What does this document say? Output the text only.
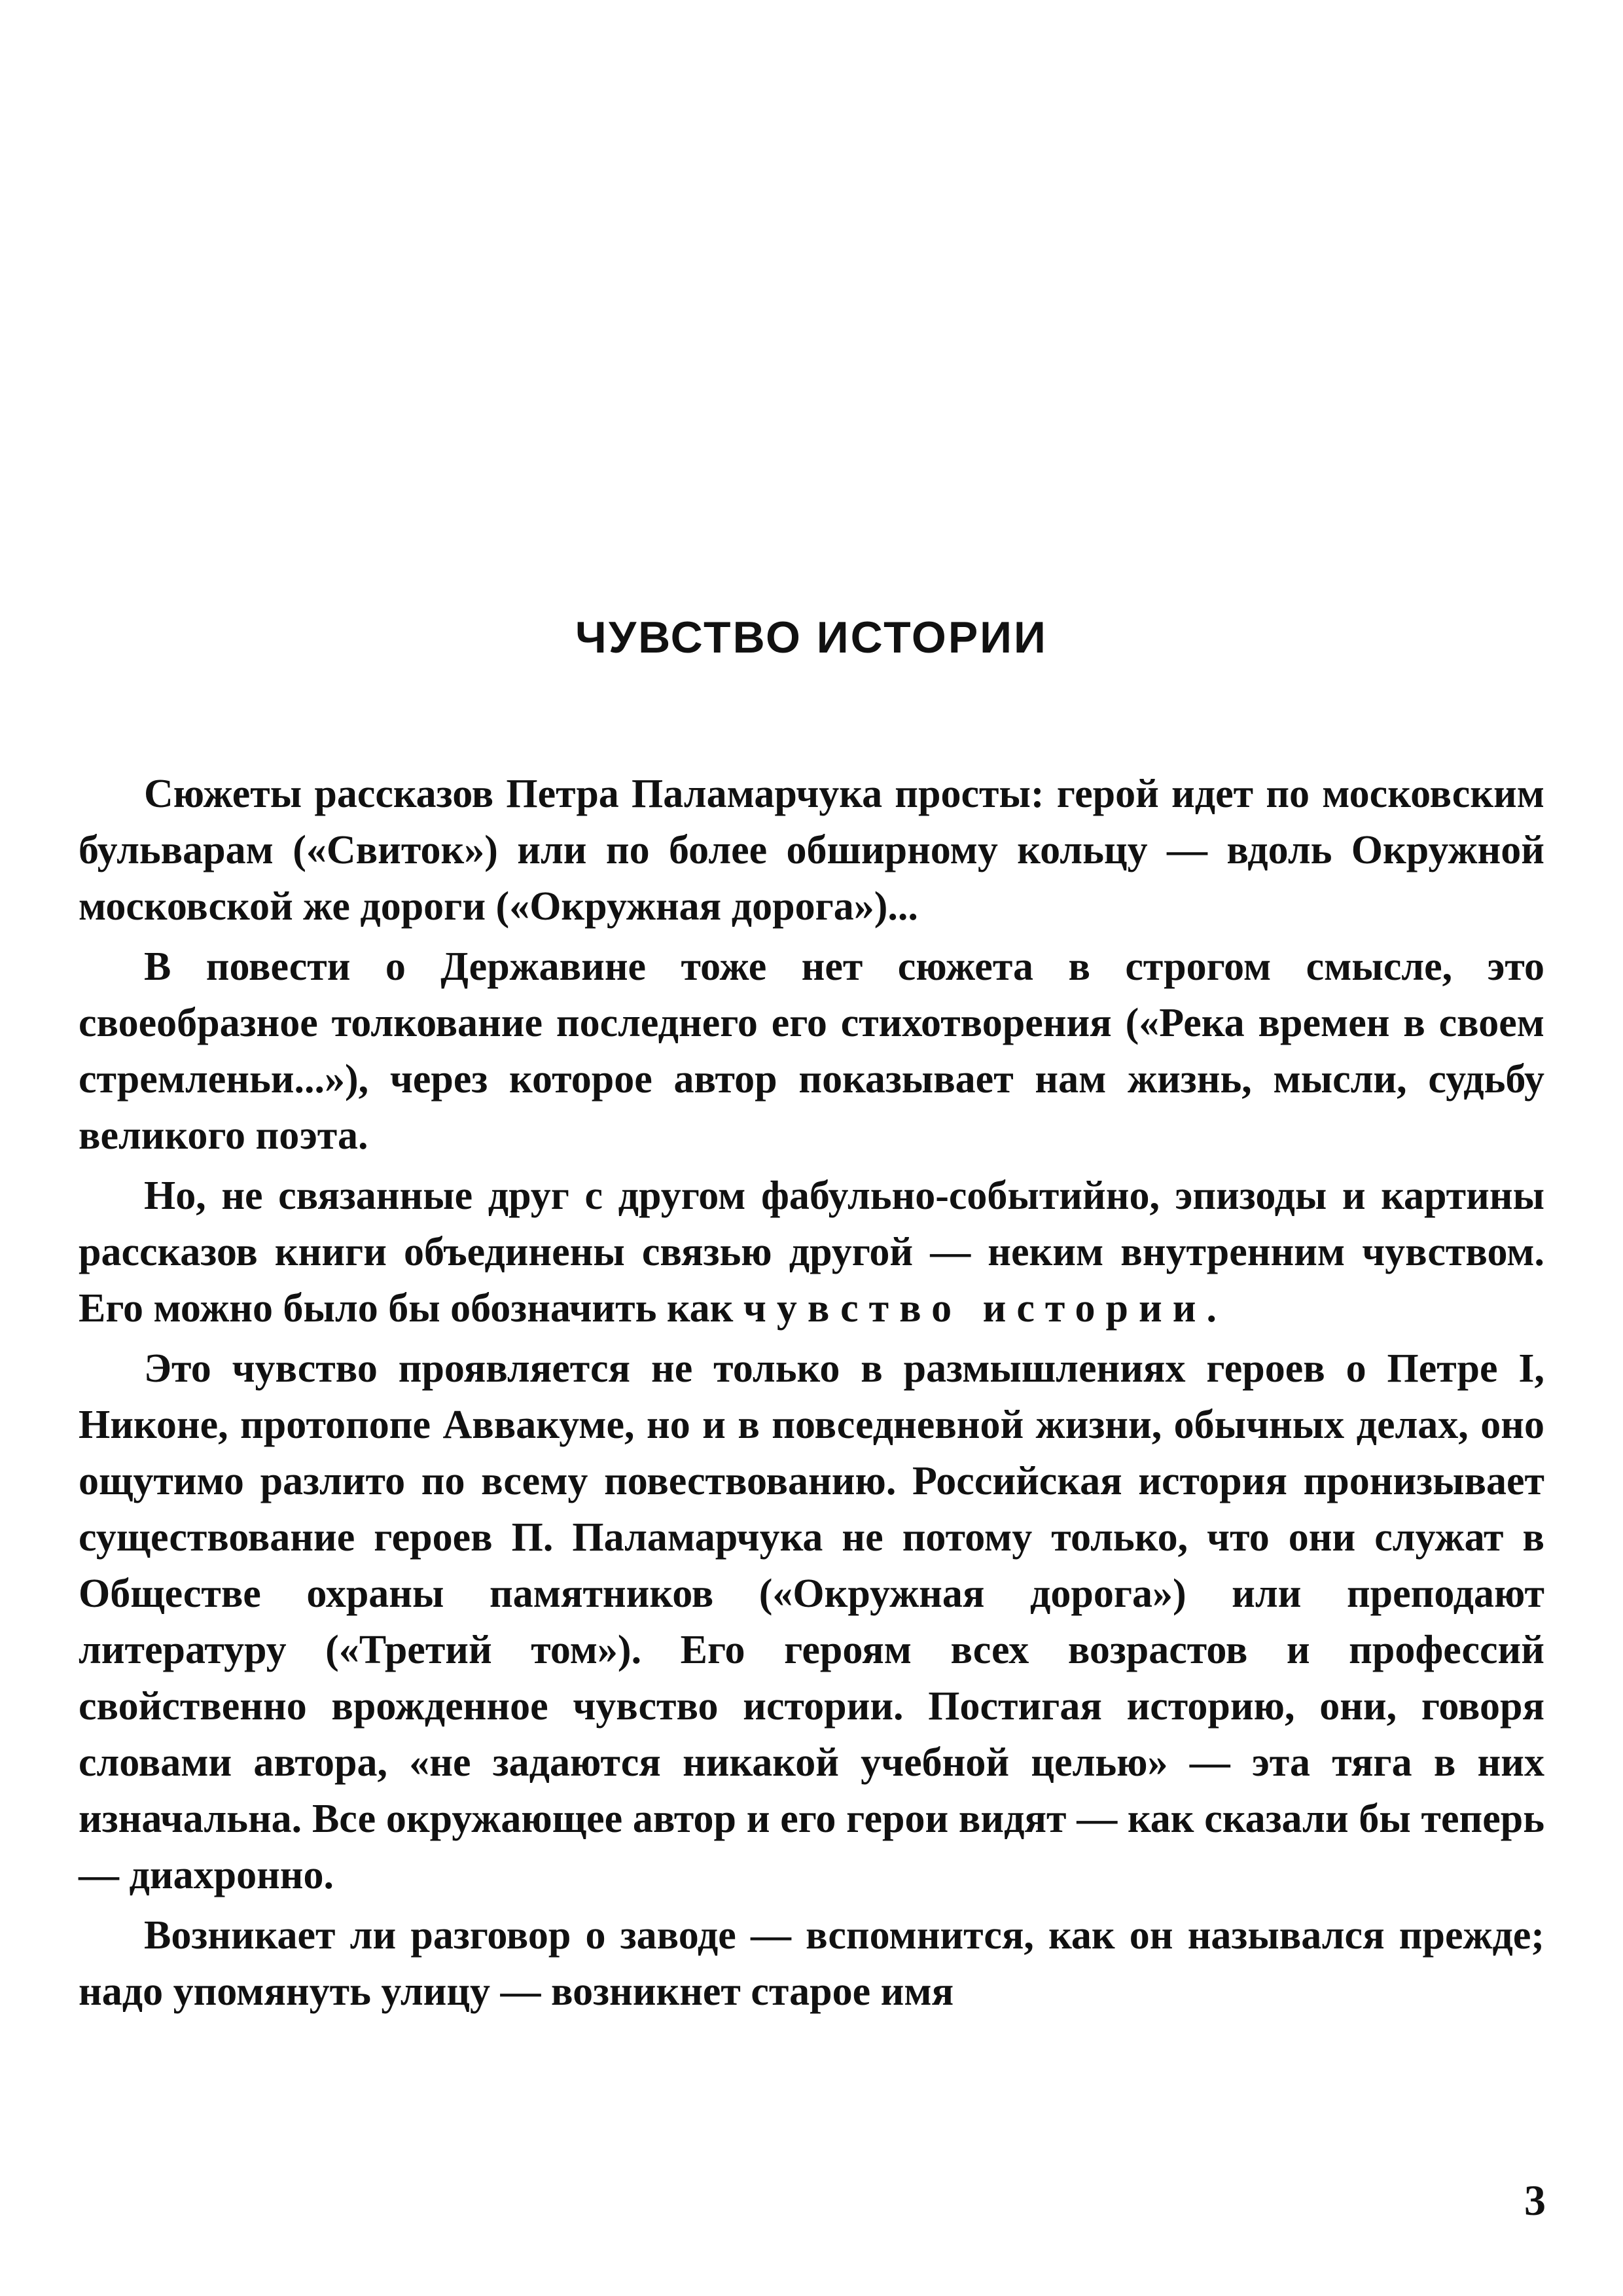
ЧУВСТВО ИСТОРИИ

Сюжеты рассказов Петра Паламарчука просты: герой идет по московским бульварам («Свиток») или по более обширному кольцу — вдоль Окружной московской же дороги («Окружная дорога»)...

В повести о Державине тоже нет сюжета в строгом смысле, это своеобразное толкование последнего его стихотворения («Река времен в своем стремленьи...»), через которое автор показывает нам жизнь, мысли, судьбу великого поэта.

Но, не связанные друг с другом фабульно-событийно, эпизоды и картины рассказов книги объединены связью другой — неким внутренним чувством. Его можно было бы обозначить как чувство истории.

Это чувство проявляется не только в размышлениях героев о Петре I, Никоне, протопопе Аввакуме, но и в повседневной жизни, обычных делах, оно ощутимо разлито по всему повествованию. Российская история пронизывает существование героев П. Паламарчука не потому только, что они служат в Обществе охраны памятников («Окружная дорога») или преподают литературу («Третий том»). Его героям всех возрастов и профессий свойственно врожденное чувство истории. Постигая историю, они, говоря словами автора, «не задаются никакой учебной целью» — эта тяга в них изначальна. Все окружающее автор и его герои видят — как сказали бы теперь — диахронно.

Возникает ли разговор о заводе — вспомнится, как он назывался прежде; надо упомянуть улицу — возникнет старое имя

3
